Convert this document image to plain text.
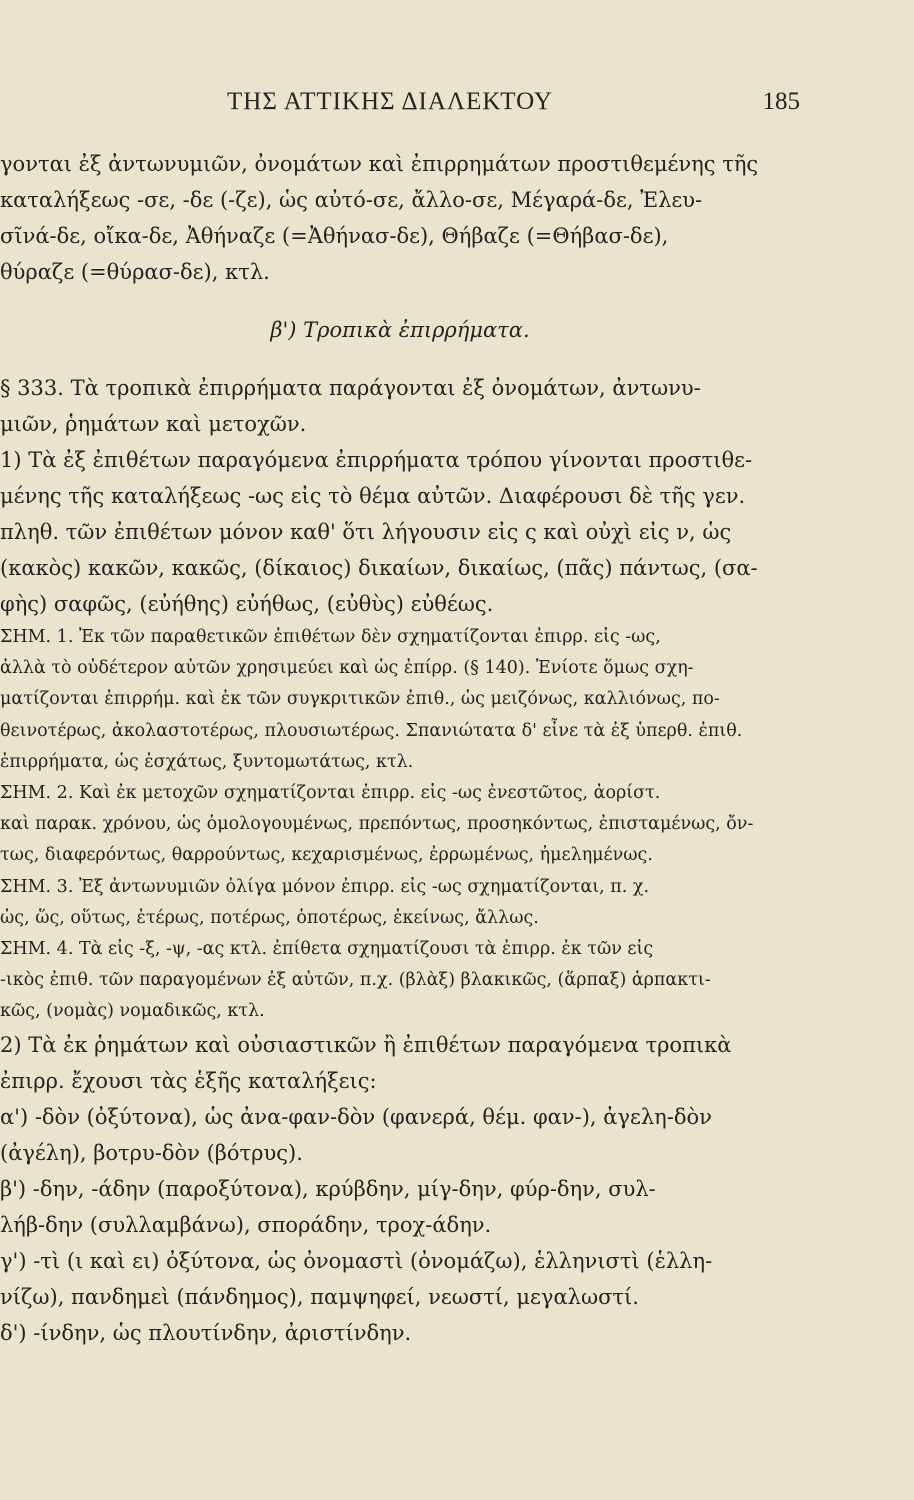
ΤΗΣ ΑΤΤΙΚΗΣ ΔΙΑΛΕΚΤΟΥ	185
γονται ἐξ ἀντωνυμιῶν, ὀνομάτων καὶ ἐπιρρημάτων προστιθεμένης τῆς
καταλήξεως -σε, -δε (-ζε), ὡς αὐτό-σε, ἄλλο-σε, Μέγαρά-δε, Ἐλευ-
σῖνά-δε, οἴκα-δε, Ἀθήναζε (=Ἀθήνασ-δε), Θήβαζε (=Θήβασ-δε),
θύραζε (=θύρασ-δε), κτλ.
β') Τροπικὰ ἐπιρρήματα.
§ 333. Τὰ τροπικὰ ἐπιρρήματα παράγονται ἐξ ὀνομάτων, ἀντωνυ-
μιῶν, ῥημάτων καὶ μετοχῶν.
1) Τὰ ἐξ ἐπιθέτων παραγόμενα ἐπιρρήματα τρόπου γίνονται προστιθε-
μένης τῆς καταλήξεως -ως εἰς τὸ θέμα αὐτῶν. Διαφέρουσι δὲ τῆς γεν.
πληθ. τῶν ἐπιθέτων μόνον καθ' ὅτι λήγουσιν εἰς ς καὶ οὐχὶ εἰς ν, ὡς
(κακὸς) κακῶν, κακῶς, (δίκαιος) δικαίων, δικαίως, (πᾶς) πάντως, (σα-
φὴς) σαφῶς, (εὐήθης) εὐήθως, (εὐθὺς) εὐθέως.
ΣΗΜ. 1. Ἐκ τῶν παραθετικῶν ἐπιθέτων δὲν σχηματίζονται ἐπιρρ. εἰς -ως,
ἀλλὰ τὸ οὐδέτερον αὐτῶν χρησιμεύει καὶ ὡς ἐπίρρ. (§ 140). Ἐνίοτε ὅμως σχη-
ματίζονται ἐπιρρήμ. καὶ ἐκ τῶν συγκριτικῶν ἐπιθ., ὡς μειζόνως, καλλιόνως, πο-
θεινοτέρως, ἀκολαστοτέρως, πλουσιωτέρως. Σπανιώτατα δ' εἶνε τὰ ἐξ ὑπερθ. ἐπιθ.
ἐπιρρήματα, ὡς ἐσχάτως, ξυντομωτάτως, κτλ.
ΣΗΜ. 2. Καὶ ἐκ μετοχῶν σχηματίζονται ἐπιρρ. εἰς -ως ἐνεστῶτος, ἀορίστ.
καὶ παρακ. χρόνου, ὡς ὁμολογουμένως, πρεπόντως, προσηκόντως, ἐπισταμένως, ὄν-
τως, διαφερόντως, θαρρούντως, κεχαρισμένως, ἐρρωμένως, ἠμελημένως.
ΣΗΜ. 3. Ἐξ ἀντωνυμιῶν ὀλίγα μόνον ἐπιρρ. εἰς -ως σχηματίζονται, π. χ.
ὡς, ὥς, οὕτως, ἑτέρως, ποτέρως, ὁποτέρως, ἐκείνως, ἄλλως.
ΣΗΜ. 4. Τὰ εἰς -ξ, -ψ, -ας κτλ. ἐπίθετα σχηματίζουσι τὰ ἐπιρρ. ἐκ τῶν εἰς
-ικὸς ἐπιθ. τῶν παραγομένων ἐξ αὐτῶν, π.χ. (βλὰξ) βλακικῶς, (ἅρπαξ) ἁρπακτι-
κῶς, (νομὰς) νομαδικῶς, κτλ.
2) Τὰ ἐκ ῥημάτων καὶ οὐσιαστικῶν ἢ ἐπιθέτων παραγόμενα τροπικὰ
ἐπιρρ. ἔχουσι τὰς ἑξῆς καταλήξεις:
α') -δὸν (ὀξύτονα), ὡς ἀνα-φαν-δὸν (φανερά, θέμ. φαν-), ἀγελη-δὸν
(ἀγέλη), βοτρυ-δὸν (βότρυς).
β') -δην, -άδην (παροξύτονα), κρύβδην, μίγ-δην, φύρ-δην, συλ-
λήβ-δην (συλλαμβάνω), σποράδην, τροχ-άδην.
γ') -τὶ (ι καὶ ει) ὀξύτονα, ὡς ὀνομαστὶ (ὀνομάζω), ἑλληνιστὶ (ἑλλη-
νίζω), πανδημεὶ (πάνδημος), παμψηφεί, νεωστί, μεγαλωστί.
δ') -ίνδην, ὡς πλουτίνδην, ἀριστίνδην.
